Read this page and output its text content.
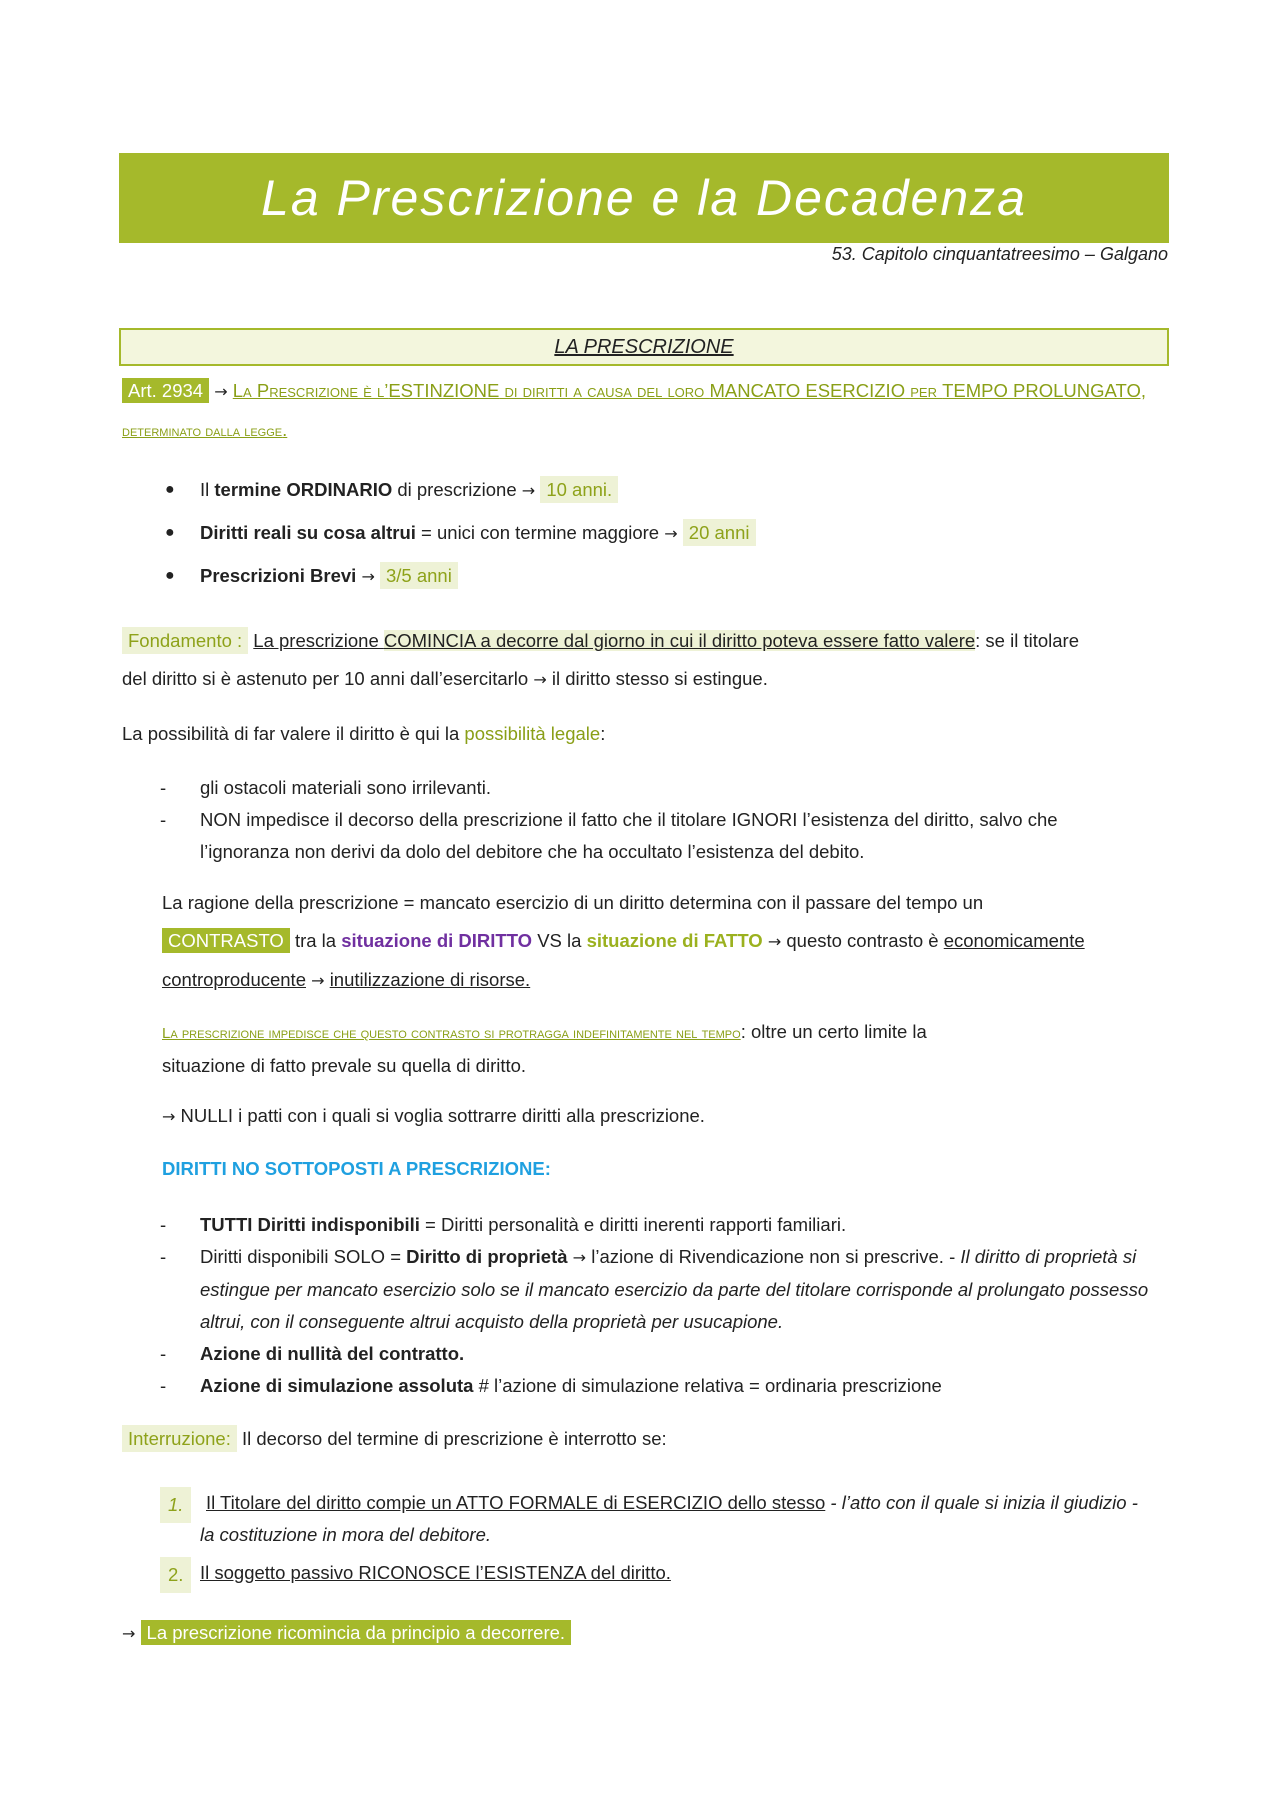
La Prescrizione e la Decadenza
53. Capitolo cinquantatreesimo – Galgano
LA PRESCRIZIONE
Art. 2934 → La Prescrizione è l’ESTINZIONE di diritti a causa del loro MANCATO ESERCIZIO per TEMPO PROLUNGATO,
determinato dalla legge.
● Il termine ORDINARIO di prescrizione → 10 anni.
● Diritti reali su cosa altrui = unici con termine maggiore → 20 anni
● Prescrizioni Brevi → 3/5 anni
Fondamento : La prescrizione COMINCIA a decorre dal giorno in cui il diritto poteva essere fatto valere: se il titolare
del diritto si è astenuto per 10 anni dall’esercitarlo → il diritto stesso si estingue.
La possibilità di far valere il diritto è qui la possibilità legale:
- gli ostacoli materiali sono irrilevanti.
- NON impedisce il decorso della prescrizione il fatto che il titolare IGNORI l’esistenza del diritto, salvo che l’ignoranza non derivi da dolo del debitore che ha occultato l’esistenza del debito.
La ragione della prescrizione = mancato esercizio di un diritto determina con il passare del tempo un
CONTRASTO tra la situazione di DIRITTO VS la situazione di FATTO → questo contrasto è economicamente
controproducente → inutilizzazione di risorse.
La prescrizione impedisce che questo contrasto si protragga indefinitamente nel tempo: oltre un certo limite la
situazione di fatto prevale su quella di diritto.
→ NULLI i patti con i quali si voglia sottrarre diritti alla prescrizione.
DIRITTI NO SOTTOPOSTI A PRESCRIZIONE:
- TUTTI Diritti indisponibili = Diritti personalità e diritti inerenti rapporti familiari.
- Diritti disponibili SOLO = Diritto di proprietà → l’azione di Rivendicazione non si prescrive. - Il diritto di proprietà si estingue per mancato esercizio solo se il mancato esercizio da parte del titolare corrisponde al prolungato possesso altrui, con il conseguente altrui acquisto della proprietà per usucapione.
- Azione di nullità del contratto.
- Azione di simulazione assoluta # l’azione di simulazione relativa = ordinaria prescrizione
Interruzione: Il decorso del termine di prescrizione è interrotto se:
1.	Il Titolare del diritto compie un ATTO FORMALE di ESERCIZIO dello stesso - l’atto con il quale si inizia il giudizio - la costituzione in mora del debitore.
2. Il soggetto passivo RICONOSCE l’ESISTENZA del diritto.
→ La prescrizione ricomincia da principio a decorrere.
